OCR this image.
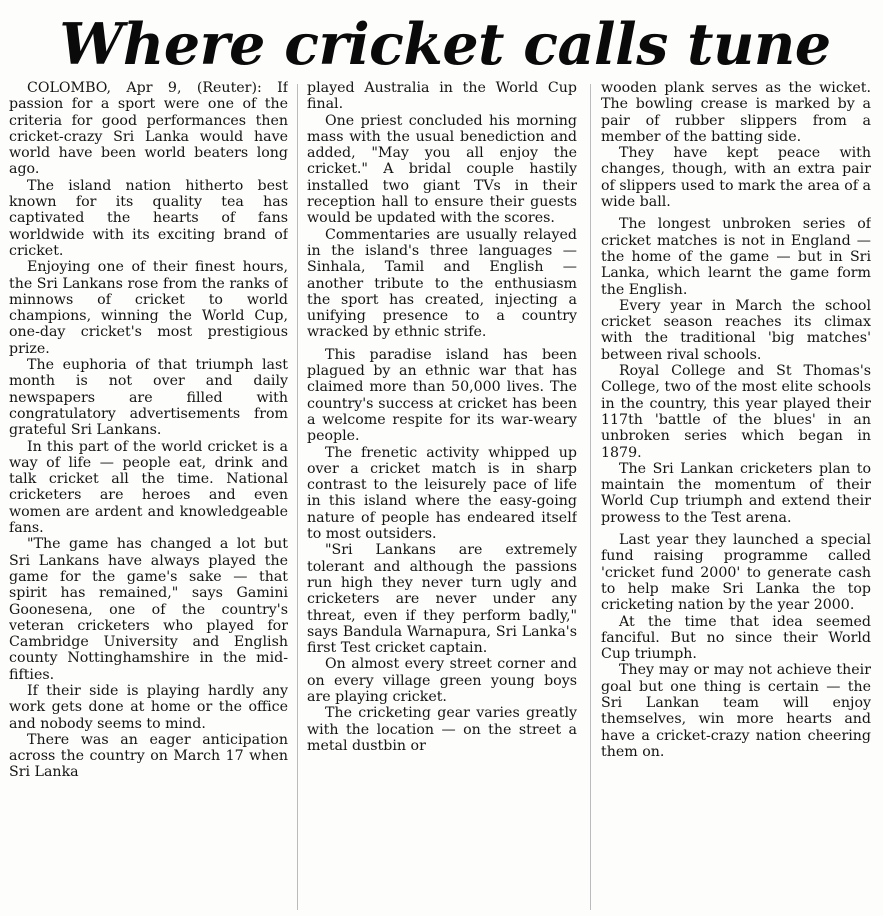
Where cricket calls tune

COLOMBO, Apr 9, (Reuter): If passion for a sport were one of the criteria for good performances then cricket-crazy Sri Lanka would have world have been world beaters long ago.

The island nation hitherto best known for its quality tea has captivated the hearts of fans worldwide with its exciting brand of cricket.

Enjoying one of their finest hours, the Sri Lankans rose from the ranks of minnows of cricket to world champions, winning the World Cup, one-day cricket's most prestigious prize.

The euphoria of that triumph last month is not over and daily newspapers are filled with congratulatory advertisements from grateful Sri Lankans.

In this part of the world cricket is a way of life — people eat, drink and talk cricket all the time. National cricketers are heroes and even women are ardent and knowledgeable fans.

"The game has changed a lot but Sri Lankans have always played the game for the game's sake — that spirit has remained," says Gamini Goonesena, one of the country's veteran cricketers who played for Cambridge University and English county Nottinghamshire in the mid-fifties.

If their side is playing hardly any work gets done at home or the office and nobody seems to mind.

There was an eager anticipation across the country on March 17 when Sri Lanka

played Australia in the World Cup final.

One priest concluded his morning mass with the usual benediction and added, "May you all enjoy the cricket." A bridal couple hastily installed two giant TVs in their reception hall to ensure their guests would be updated with the scores.

Commentaries are usually relayed in the island's three languages — Sinhala, Tamil and English — another tribute to the enthusiasm the sport has created, injecting a unifying presence to a country wracked by ethnic strife.

This paradise island has been plagued by an ethnic war that has claimed more than 50,000 lives. The country's success at cricket has been a welcome respite for its war-weary people.

The frenetic activity whipped up over a cricket match is in sharp contrast to the leisurely pace of life in this island where the easy-going nature of people has endeared itself to most outsiders.

"Sri Lankans are extremely tolerant and although the passions run high they never turn ugly and cricketers are never under any threat, even if they perform badly," says Bandula Warnapura, Sri Lanka's first Test cricket captain.

On almost every street corner and on every village green young boys are playing cricket.

The cricketing gear varies greatly with the location — on the street a metal dustbin or

wooden plank serves as the wicket. The bowling crease is marked by a pair of rubber slippers from a member of the batting side.

They have kept peace with changes, though, with an extra pair of slippers used to mark the area of a wide ball.

The longest unbroken series of cricket matches is not in England — the home of the game — but in Sri Lanka, which learnt the game form the English.

Every year in March the school cricket season reaches its climax with the traditional 'big matches' between rival schools.

Royal College and St Thomas's College, two of the most elite schools in the country, this year played their 117th 'battle of the blues' in an unbroken series which began in 1879.

The Sri Lankan cricketers plan to maintain the momentum of their World Cup triumph and extend their prowess to the Test arena.

Last year they launched a special fund raising programme called 'cricket fund 2000' to generate cash to help make Sri Lanka the top cricketing nation by the year 2000.

At the time that idea seemed fanciful. But no since their World Cup triumph.

They may or may not achieve their goal but one thing is certain — the Sri Lankan team will enjoy themselves, win more hearts and have a cricket-crazy nation cheering them on.
